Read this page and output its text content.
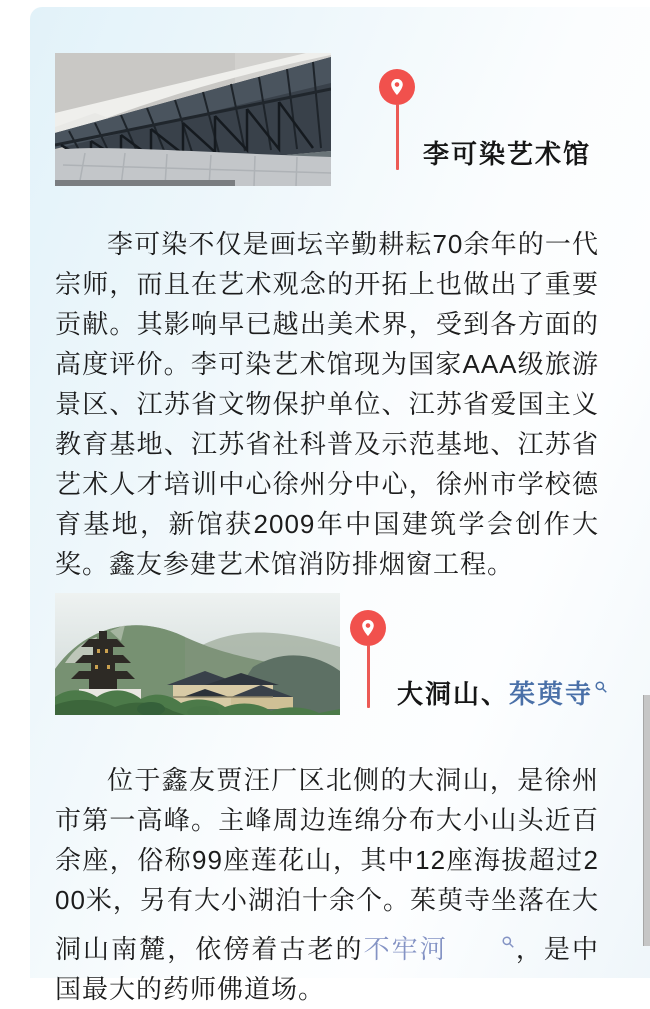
李可染艺术馆

李可染不仅是画坛辛勤耕耘70余年的一代宗师，而且在艺术观念的开拓上也做出了重要贡献。其影响早已越出美术界，受到各方面的高度评价。李可染艺术馆现为国家AAA级旅游景区、江苏省文物保护单位、江苏省爱国主义教育基地、江苏省社科普及示范基地、江苏省艺术人才培训中心徐州分中心，徐州市学校德育基地，新馆获2009年中国建筑学会创作大奖。鑫友参建艺术馆消防排烟窗工程。

大洞山、茱萸寺

位于鑫友贾汪厂区北侧的大洞山，是徐州市第一高峰。主峰周边连绵分布大小山头近百余座，俗称99座莲花山，其中12座海拔超过200米，另有大小湖泊十余个。茱萸寺坐落在大洞山南麓，依傍着古老的不牢河	，是中国最大的药师佛道场。
